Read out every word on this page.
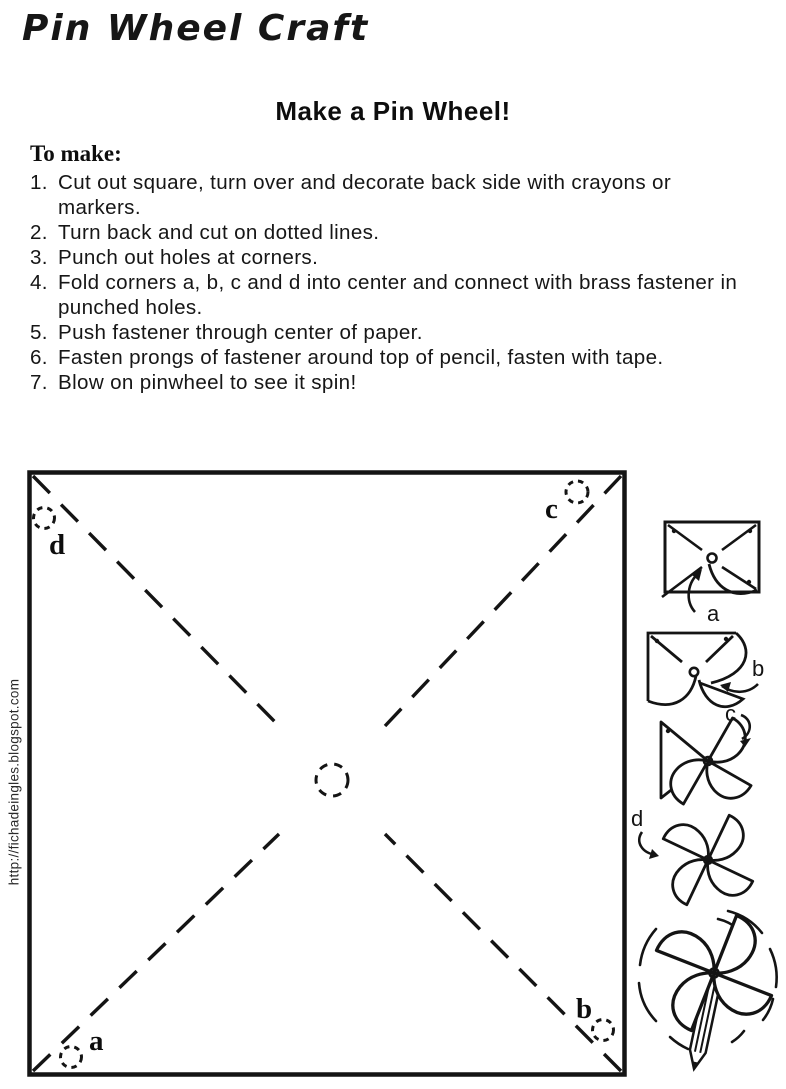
Pin Wheel Craft
Make a Pin Wheel!
To make:
1. Cut out square, turn over and decorate back side with crayons or markers.
2. Turn back and cut on dotted lines.
3. Punch out holes at corners.
4. Fold corners a, b, c and d into center and connect with brass fastener in punched holes.
5. Push fastener through center of paper.
6. Fasten prongs of fastener around top of pencil, fasten with tape.
7. Blow on pinwheel to see it spin!
http://fichadeingles.blogspot.com
d
c
a
b
a
b
c
d
